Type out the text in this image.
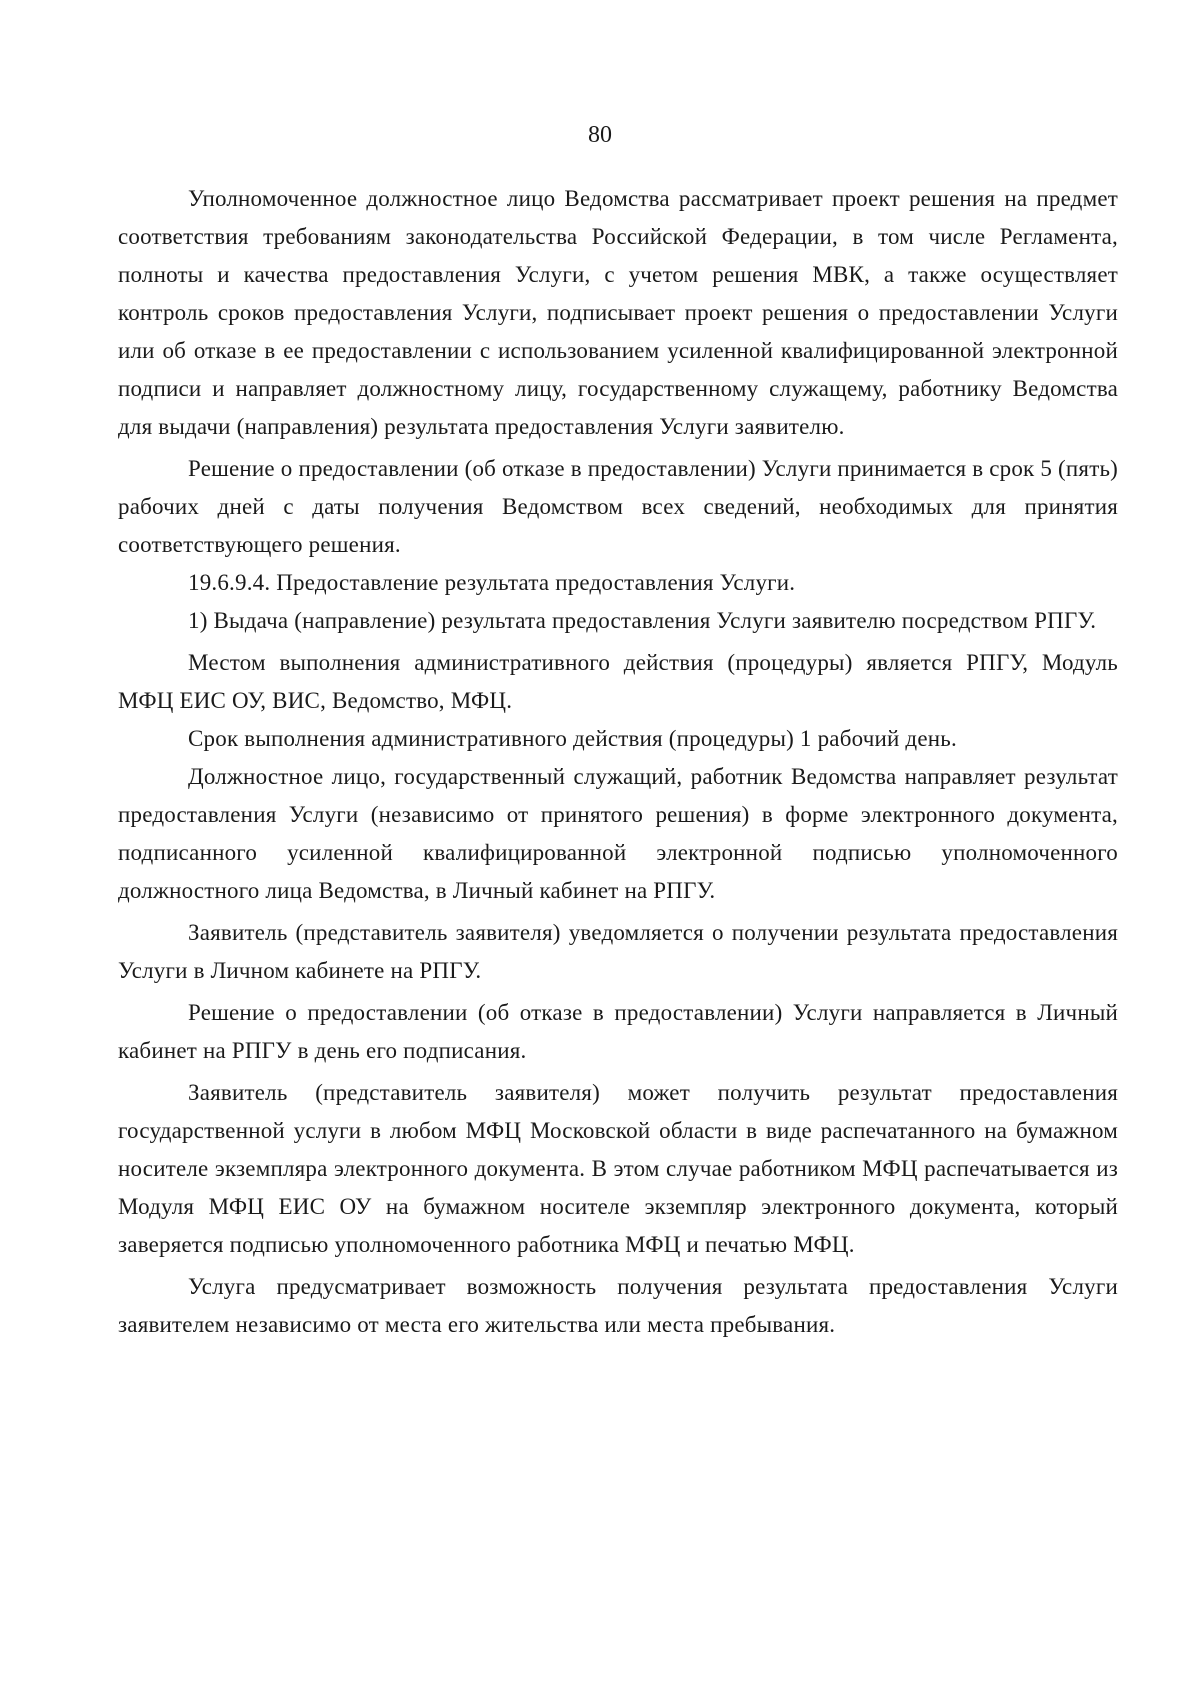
80

Уполномоченное должностное лицо Ведомства рассматривает проект решения на предмет соответствия требованиям законодательства Российской Федерации, в том числе Регламента, полноты и качества предоставления Услуги, с учетом решения МВК, а также осуществляет контроль сроков предоставления Услуги, подписывает проект решения о предоставлении Услуги или об отказе в ее предоставлении с использованием усиленной квалифицированной электронной подписи и направляет должностному лицу, государственному служащему, работнику Ведомства для выдачи (направления) результата предоставления Услуги заявителю.

Решение о предоставлении (об отказе в предоставлении) Услуги принимается в срок 5 (пять) рабочих дней с даты получения Ведомством всех сведений, необходимых для принятия соответствующего решения.

19.6.9.4. Предоставление результата предоставления Услуги.

1) Выдача (направление) результата предоставления Услуги заявителю посредством РПГУ.

Местом выполнения административного действия (процедуры) является РПГУ, Модуль МФЦ ЕИС ОУ, ВИС, Ведомство, МФЦ.

Срок выполнения административного действия (процедуры) 1 рабочий день.

Должностное лицо, государственный служащий, работник Ведомства направляет результат предоставления Услуги (независимо от принятого решения) в форме электронного документа, подписанного усиленной квалифицированной электронной подписью уполномоченного должностного лица Ведомства, в Личный кабинет на РПГУ.

Заявитель (представитель заявителя) уведомляется о получении результата предоставления Услуги в Личном кабинете на РПГУ.

Решение о предоставлении (об отказе в предоставлении) Услуги направляется в Личный кабинет на РПГУ в день его подписания.

Заявитель (представитель заявителя) может получить результат предоставления государственной услуги в любом МФЦ Московской области в виде распечатанного на бумажном носителе экземпляра электронного документа. В этом случае работником МФЦ распечатывается из Модуля МФЦ ЕИС ОУ на бумажном носителе экземпляр электронного документа, который заверяется подписью уполномоченного работника МФЦ и печатью МФЦ.

Услуга предусматривает возможность получения результата предоставления Услуги заявителем независимо от места его жительства или места пребывания.
